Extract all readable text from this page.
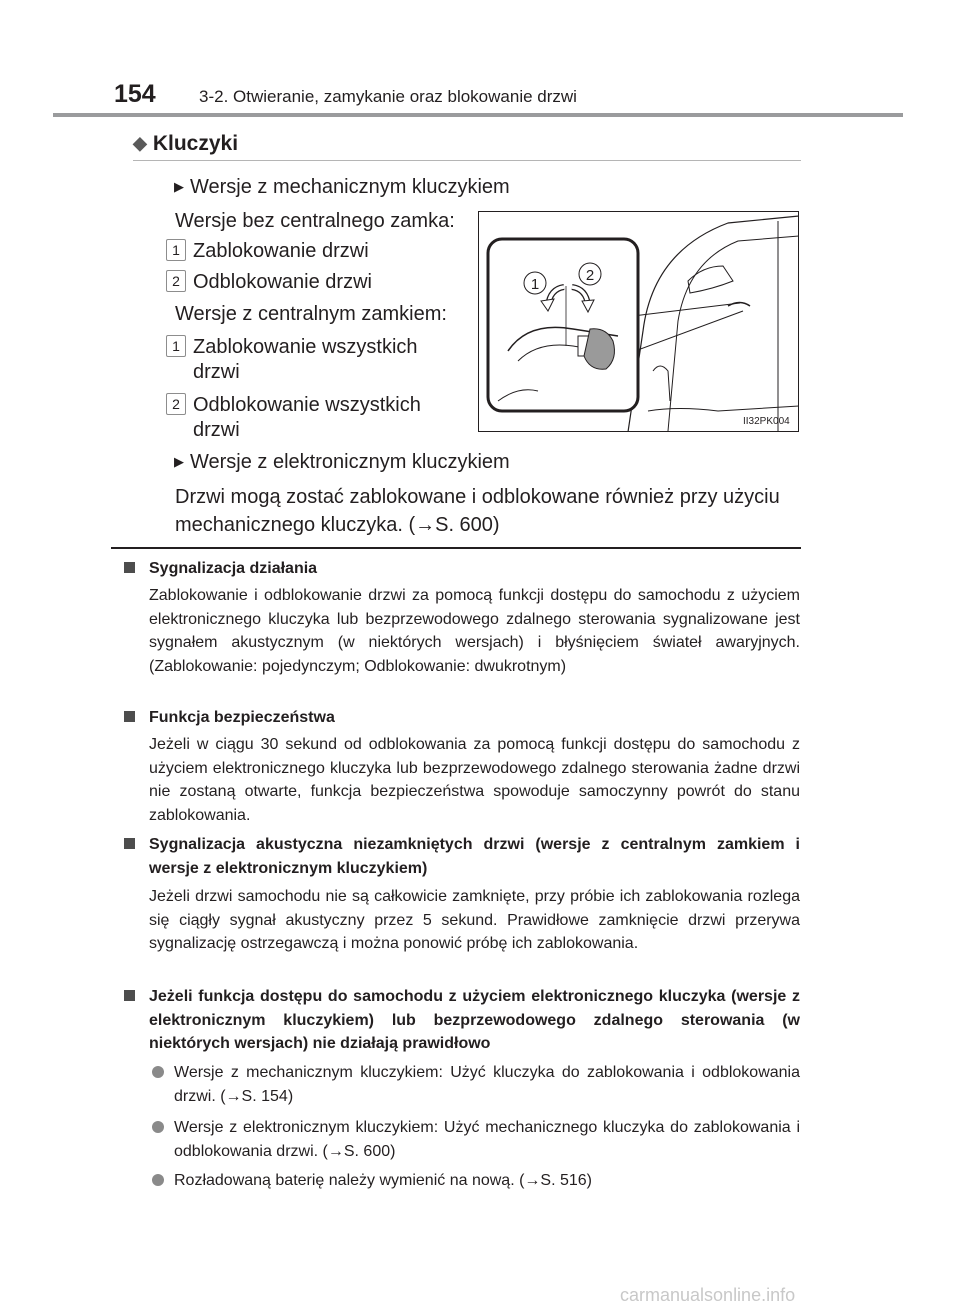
154	3-2. Otwieranie, zamykanie oraz blokowanie drzwi
◆ Kluczyki
▶ Wersje z mechanicznym kluczykiem
Wersje bez centralnego zamka:
1 Zablokowanie drzwi
2 Odblokowanie drzwi
Wersje z centralnym zamkiem:
1 Zablokowanie wszystkich drzwi
2 Odblokowanie wszystkich drzwi
1
2
II32PK004
▶ Wersje z elektronicznym kluczykiem
Drzwi mogą zostać zablokowane i odblokowane również przy użyciu mechanicznego kluczyka. (→S. 600)
Sygnalizacja działania
Zablokowanie i odblokowanie drzwi za pomocą funkcji dostępu do samochodu z użyciem elektronicznego kluczyka lub bezprzewodowego zdalnego sterowania sygnalizowane jest sygnałem akustycznym (w niektórych wersjach) i błyśnięciem świateł awaryjnych. (Zablokowanie: pojedynczym; Odblokowanie: dwukrotnym)
Funkcja bezpieczeństwa
Jeżeli w ciągu 30 sekund od odblokowania za pomocą funkcji dostępu do samochodu z użyciem elektronicznego kluczyka lub bezprzewodowego zdalnego sterowania żadne drzwi nie zostaną otwarte, funkcja bezpieczeństwa spowoduje samoczynny powrót do stanu zablokowania.
Sygnalizacja akustyczna niezamkniętych drzwi (wersje z centralnym zamkiem i wersje z elektronicznym kluczykiem)
Jeżeli drzwi samochodu nie są całkowicie zamknięte, przy próbie ich zablokowania rozlega się ciągły sygnał akustyczny przez 5 sekund. Prawidłowe zamknięcie drzwi przerywa sygnalizację ostrzegawczą i można ponowić próbę ich zablokowania.
Jeżeli funkcja dostępu do samochodu z użyciem elektronicznego kluczyka (wersje z elektronicznym kluczykiem) lub bezprzewodowego zdalnego sterowania (w niektórych wersjach) nie działają prawidłowo
Wersje z mechanicznym kluczykiem: Użyć kluczyka do zablokowania i odblokowania drzwi. (→S. 154)
Wersje z elektronicznym kluczykiem: Użyć mechanicznego kluczyka do zablokowania i odblokowania drzwi. (→S. 600)
Rozładowaną baterię należy wymienić na nową. (→S. 516)
carmanualsonline.info
